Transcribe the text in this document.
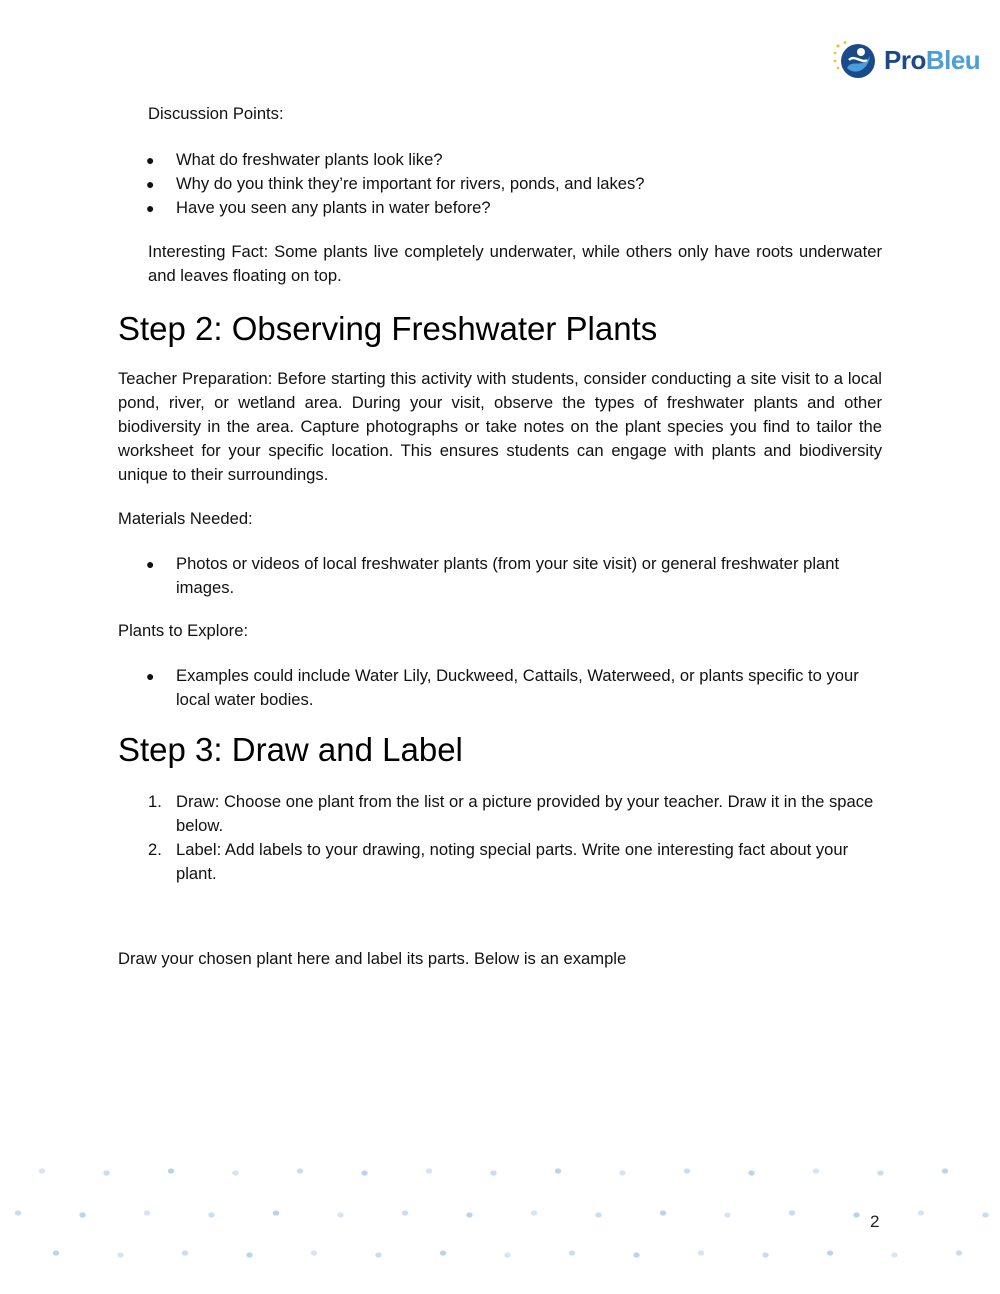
ProBleu

Discussion Points:

● What do freshwater plants look like?
● Why do you think they’re important for rivers, ponds, and lakes?
● Have you seen any plants in water before?

Interesting Fact: Some plants live completely underwater, while others only have roots underwater and leaves floating on top.

Step 2: Observing Freshwater Plants

Teacher Preparation: Before starting this activity with students, consider conducting a site visit to a local pond, river, or wetland area. During your visit, observe the types of freshwater plants and other biodiversity in the area. Capture photographs or take notes on the plant species you find to tailor the worksheet for your specific location. This ensures students can engage with plants and biodiversity unique to their surroundings.

Materials Needed:

● Photos or videos of local freshwater plants (from your site visit) or general freshwater plant images.

Plants to Explore:

● Examples could include Water Lily, Duckweed, Cattails, Waterweed, or plants specific to your local water bodies.
Step 3: Draw and Label
1. Draw: Choose one plant from the list or a picture provided by your teacher. Draw it in the space below.
2. Label: Add labels to your drawing, noting special parts. Write one interesting fact about your plant.

Draw your chosen plant here and label its parts. Below is an example

2
